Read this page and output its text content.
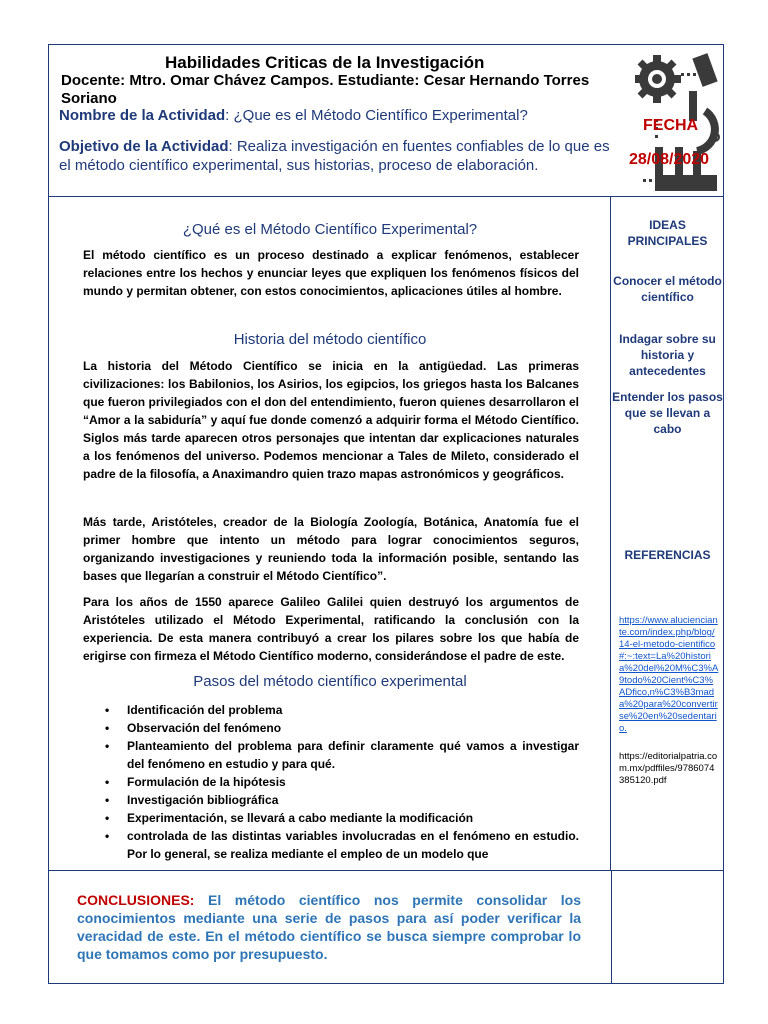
Habilidades Criticas de la Investigación
Docente: Mtro. Omar Chávez Campos. Estudiante: Cesar Hernando Torres Soriano
Nombre de la Actividad: ¿Que es el Método Científico Experimental?
Objetivo de la Actividad: Realiza investigación en fuentes confiables de lo que es el método científico experimental, sus historias, proceso de elaboración.
FECHA
28/08/2020
¿Qué es el Método Científico Experimental?
El método científico es un proceso destinado a explicar fenómenos, establecer relaciones entre los hechos y enunciar leyes que expliquen los fenómenos físicos del mundo y permitan obtener, con estos conocimientos, aplicaciones útiles al hombre.
Historia del método científico
La historia del Método Científico se inicia en la antigüedad. Las primeras civilizaciones: los Babilonios, los Asirios, los egipcios, los griegos hasta los Balcanes que fueron privilegiados con el don del entendimiento, fueron quienes desarrollaron el “Amor a la sabiduría” y aquí fue donde comenzó a adquirir forma el Método Científico. Siglos más tarde aparecen otros personajes que intentan dar explicaciones naturales a los fenómenos del universo. Podemos mencionar a Tales de Mileto, considerado el padre de la filosofía, a Anaximandro quien trazo mapas astronómicos y geográficos.
Más tarde, Aristóteles, creador de la Biología Zoología, Botánica, Anatomía fue el primer hombre que intento un método para lograr conocimientos seguros, organizando investigaciones y reuniendo toda la información posible, sentando las bases que llegarían a construir el Método Científico”.
Para los años de 1550 aparece Galileo Galilei quien destruyó los argumentos de Aristóteles utilizado el Método Experimental, ratificando la conclusión con la experiencia. De esta manera contribuyó a crear los pilares sobre los que había de erigirse con firmeza el Método Científico moderno, considerándose el padre de este.
Pasos del método científico experimental
• Identificación del problema
• Observación del fenómeno
• Planteamiento del problema para definir claramente qué vamos a investigar del fenómeno en estudio y para qué.
• Formulación de la hipótesis
• Investigación bibliográfica
• Experimentación, se llevará a cabo mediante la modificación
• controlada de las distintas variables involucradas en el fenómeno en estudio. Por lo general, se realiza mediante el empleo de un modelo que
IDEAS PRINCIPALES
Conocer el método científico
Indagar sobre su historia y antecedentes
Entender los pasos que se llevan a cabo
REFERENCIAS
https://www.alucienciante.com/index.php/blog/14-el-metodo-cientifico#:~:text=La%20historia%20del%20M%C3%A9todo%20Cient%C3%ADfico,n%C3%B3mada%20para%20convertirse%20en%20sedentario.
https://editorialpatria.com.mx/pdffiles/9786074385120.pdf
CONCLUSIONES: El método científico nos permite consolidar los conocimientos mediante una serie de pasos para así poder verificar la veracidad de este. En el método científico se busca siempre comprobar lo que tomamos como por presupuesto.
